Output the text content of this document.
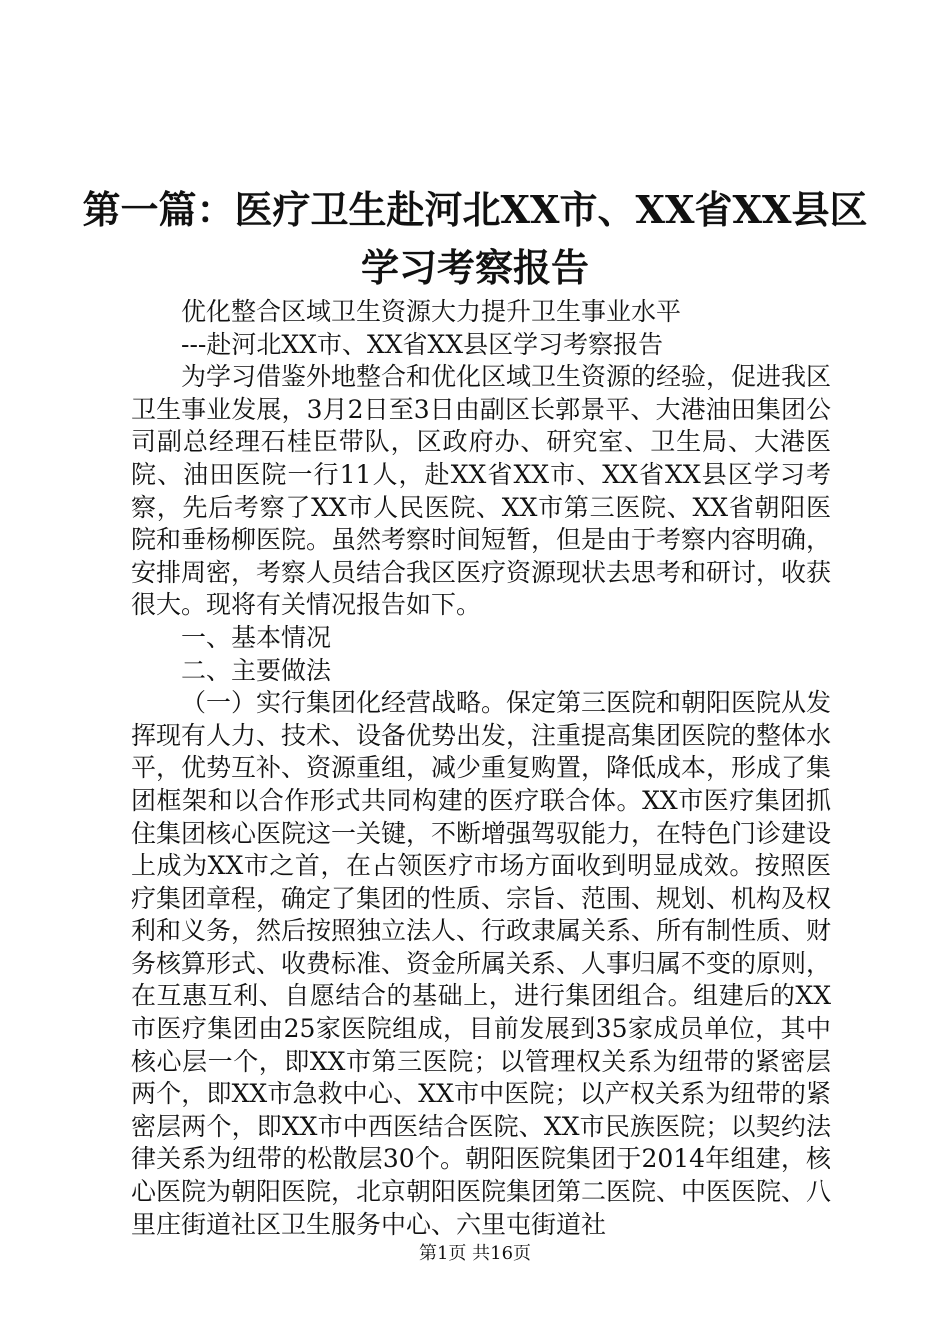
第一篇：医疗卫生赴河北XX市、XX省XX县区
学习考察报告

优化整合区域卫生资源大力提升卫生事业水平

---赴河北XX市、XX省XX县区学习考察报告

为学习借鉴外地整合和优化区域卫生资源的经验，促进我区卫生事业发展，3月2日至3日由副区长郭景平、大港油田集团公司副总经理石桂臣带队，区政府办、研究室、卫生局、大港医院、油田医院一行11人，赴XX省XX市、XX省XX县区学习考察，先后考察了XX市人民医院、XX市第三医院、XX省朝阳医院和垂杨柳医院。虽然考察时间短暂，但是由于考察内容明确，安排周密，考察人员结合我区医疗资源现状去思考和研讨，收获很大。现将有关情况报告如下。

一、基本情况

二、主要做法

（一）实行集团化经营战略。保定第三医院和朝阳医院从发挥现有人力、技术、设备优势出发，注重提高集团医院的整体水平，优势互补、资源重组，减少重复购置，降低成本，形成了集团框架和以合作形式共同构建的医疗联合体。XX市医疗集团抓住集团核心医院这一关键，不断增强驾驭能力，在特色门诊建设上成为XX市之首，在占领医疗市场方面收到明显成效。按照医疗集团章程，确定了集团的性质、宗旨、范围、规划、机构及权利和义务，然后按照独立法人、行政隶属关系、所有制性质、财务核算形式、收费标准、资金所属关系、人事归属不变的原则，在互惠互利、自愿结合的基础上，进行集团组合。组建后的XX市医疗集团由25家医院组成，目前发展到35家成员单位，其中核心层一个，即XX市第三医院；以管理权关系为纽带的紧密层两个，即XX市急救中心、XX市中医院；以产权关系为纽带的紧密层两个，即XX市中西医结合医院、XX市民族医院；以契约法律关系为纽带的松散层30个。朝阳医院集团于2014年组建，核心医院为朝阳医院，北京朝阳医院集团第二医院、中医医院、八里庄街道社区卫生服务中心、六里屯街道社

第1页 共16页
